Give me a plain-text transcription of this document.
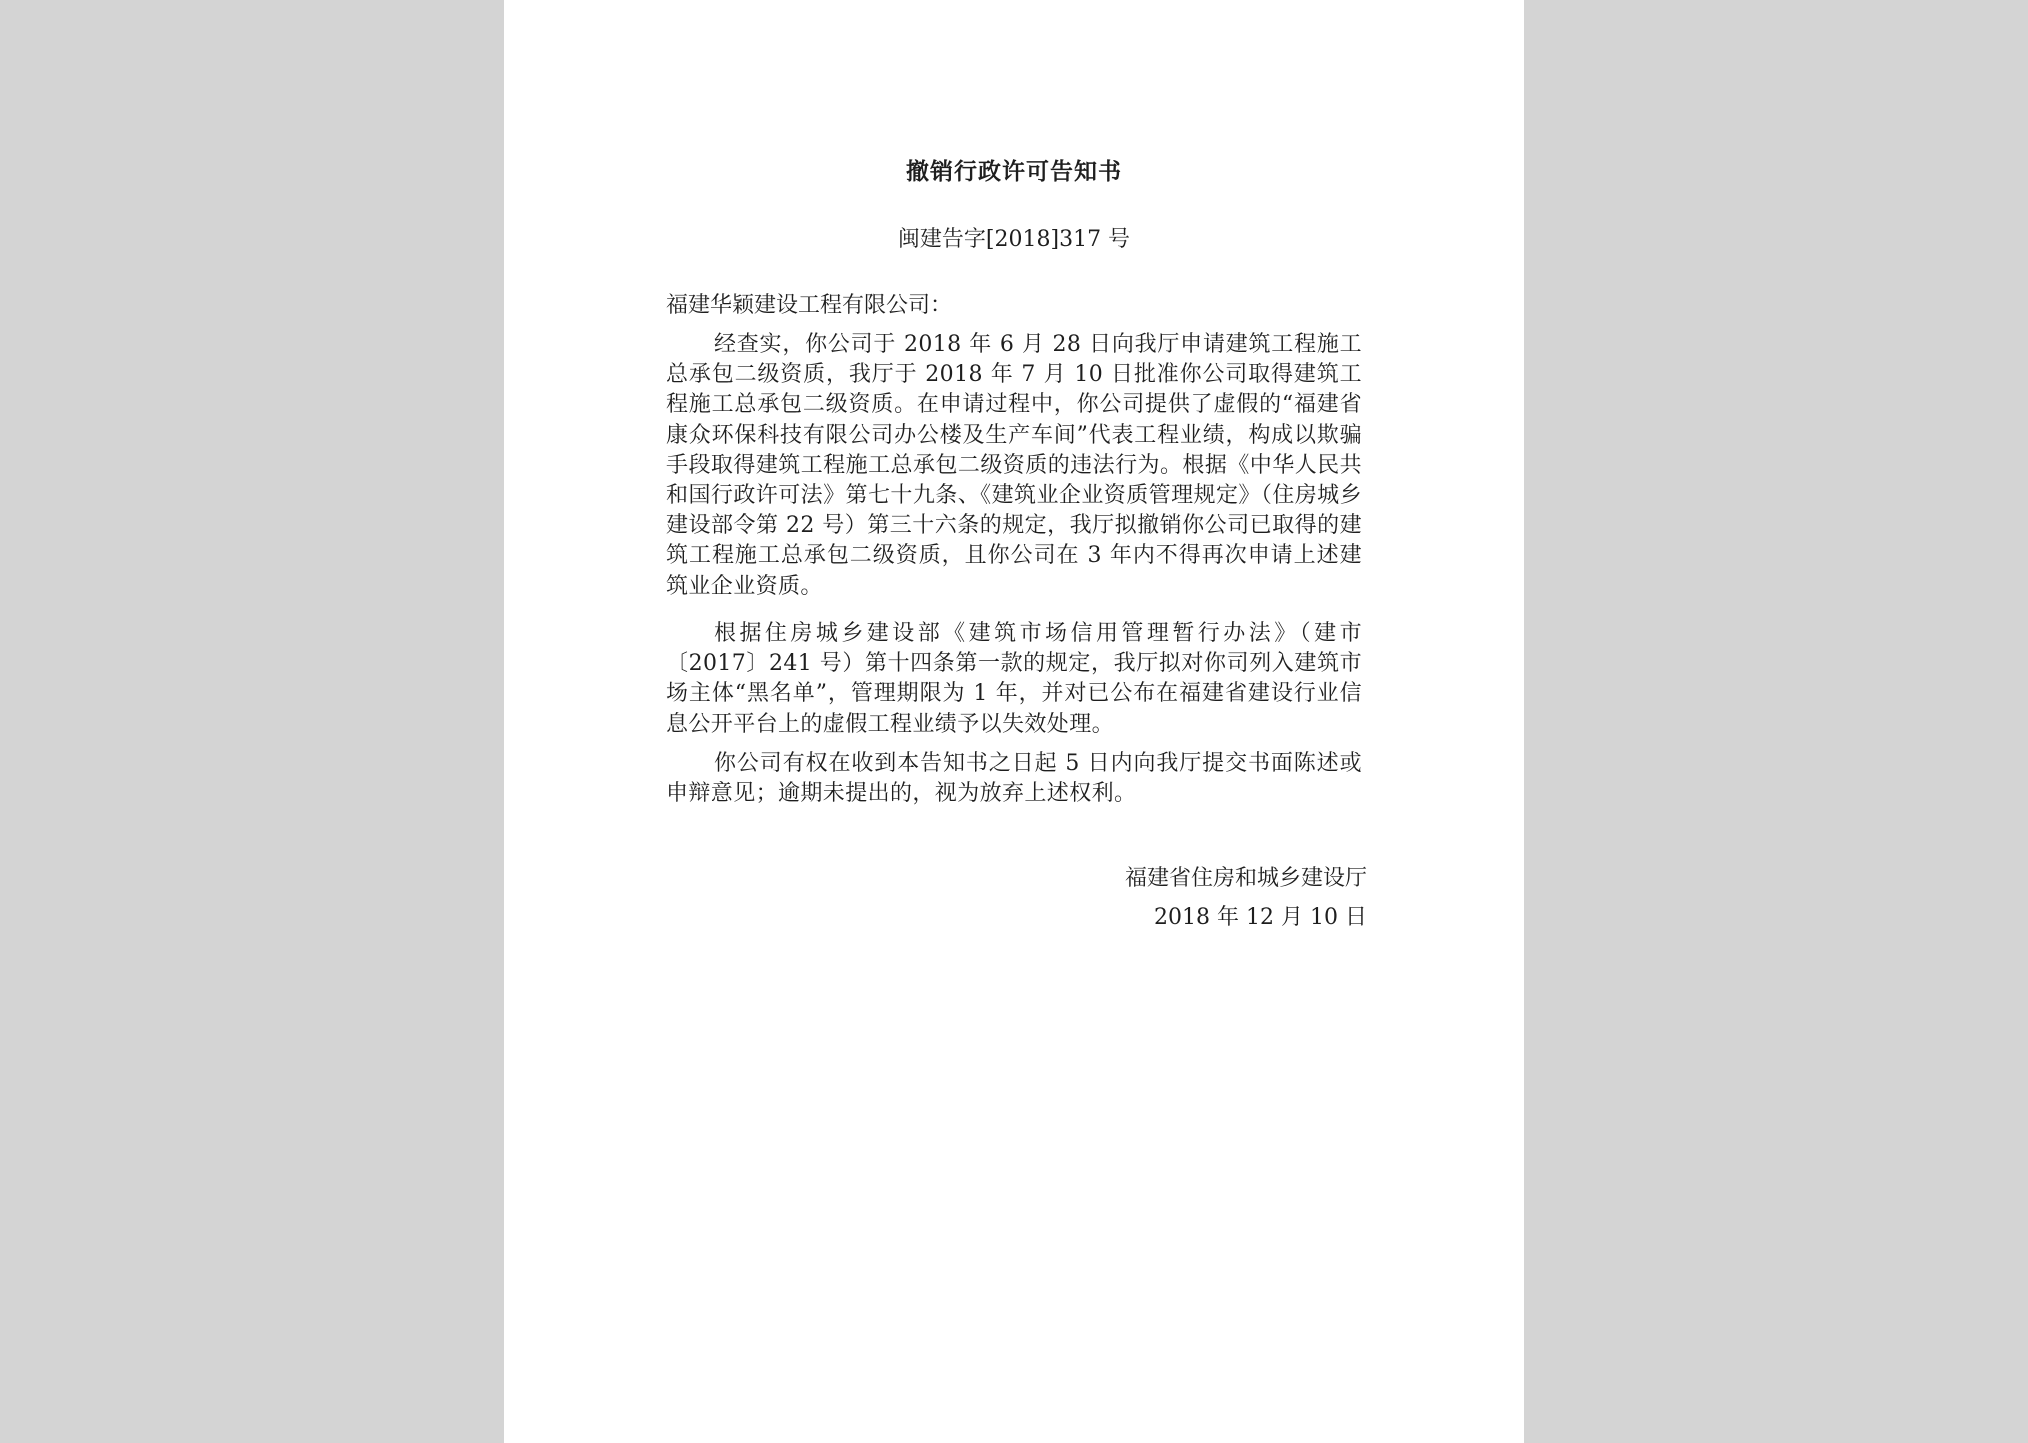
撤销行政许可告知书
闽建告字[2018]317 号
福建华颖建设工程有限公司：
经查实，你公司于 2018 年 6 月 28 日向我厅申请建筑工程施工总承包二级资质，我厅于 2018 年 7 月 10 日批准你公司取得建筑工程施工总承包二级资质。在申请过程中，你公司提供了虚假的“福建省康众环保科技有限公司办公楼及生产车间”代表工程业绩，构成以欺骗手段取得建筑工程施工总承包二级资质的违法行为。根据《中华人民共和国行政许可法》第七十九条、《建筑业企业资质管理规定》（住房城乡建设部令第 22 号）第三十六条的规定，我厅拟撤销你公司已取得的建筑工程施工总承包二级资质，且你公司在 3 年内不得再次申请上述建筑业企业资质。
根据住房城乡建设部《建筑市场信用管理暂行办法》（建市〔2017〕241 号）第十四条第一款的规定，我厅拟对你司列入建筑市场主体“黑名单”，管理期限为 1 年，并对已公布在福建省建设行业信息公开平台上的虚假工程业绩予以失效处理。
你公司有权在收到本告知书之日起 5 日内向我厅提交书面陈述或申辩意见；逾期未提出的，视为放弃上述权利。
福建省住房和城乡建设厅
2018 年 12 月 10 日
